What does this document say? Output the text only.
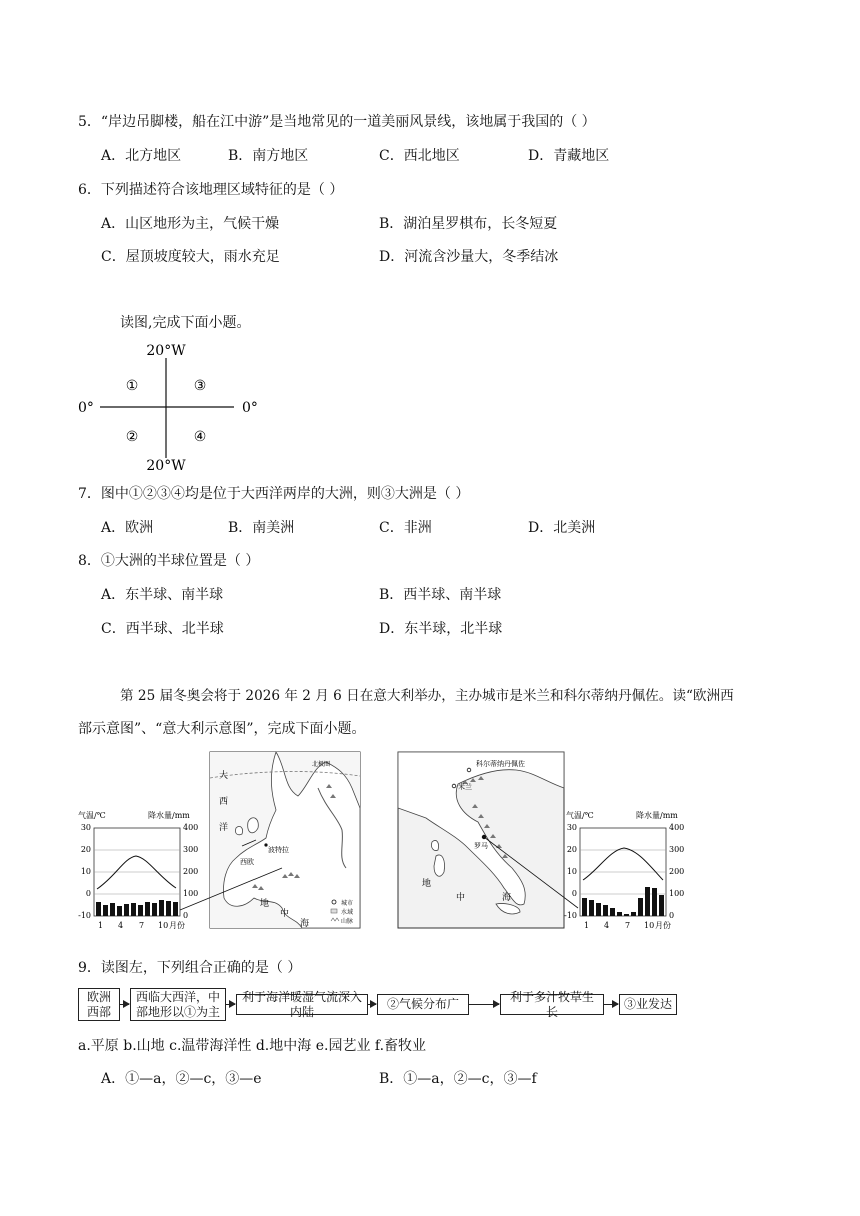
5．“岸边吊脚楼，船在江中游”是当地常见的一道美丽风景线，该地属于我国的（ ）
A．北方地区	B．南方地区	C．西北地区	D．青藏地区
6．下列描述符合该地理区域特征的是（ ）
A．山区地形为主，气候干燥	B．湖泊星罗棋布，长冬短夏
C．屋顶坡度较大，雨水充足	D．河流含沙量大，冬季结冰
读图,完成下面小题。
20°W
20°W
0°	0°
①
②
③
④
7．图中①②③④均是位于大西洋两岸的大洲，则③大洲是（ ）
A．欧洲	B．南美洲	C．非洲	D．北美洲
8．①大洲的半球位置是（ ）
A．东半球、南半球	B．西半球、南半球
C．西半球、北半球	D．东半球，北半球
第 25 届冬奥会将于 2026 年 2 月 6 日在意大利举办，主办城市是米兰和科尔蒂纳丹佩佐。读“欧洲西
部示意图”、“意大利示意图”，完成下面小题。
气温/℃	降水量/mm
30
20
10
0
-10
400
300
200
100
0
1 4 7 10 月份
大
西
洋
北极圈
西欧
波特拉
地
中
海
城市
水域
山脉
科尔蒂纳丹佩佐
米兰
罗马
地
中	海
气温/℃	降水量/mm
30
20
10
0
-10
400
300
200
100
0
1 4 7 10 月份
9．读图左，下列组合正确的是（ ）
欧洲西部
西临大西洋，中部地形以①为主
利于海洋暖湿气流深入内陆
②气候分布广
利于多汁牧草生长
③业发达
a.平原 b.山地 c.温带海洋性 d.地中海 e.园艺业 f.畜牧业
A．①—a，②—c，③—e	B．①—a，②—c，③—f
